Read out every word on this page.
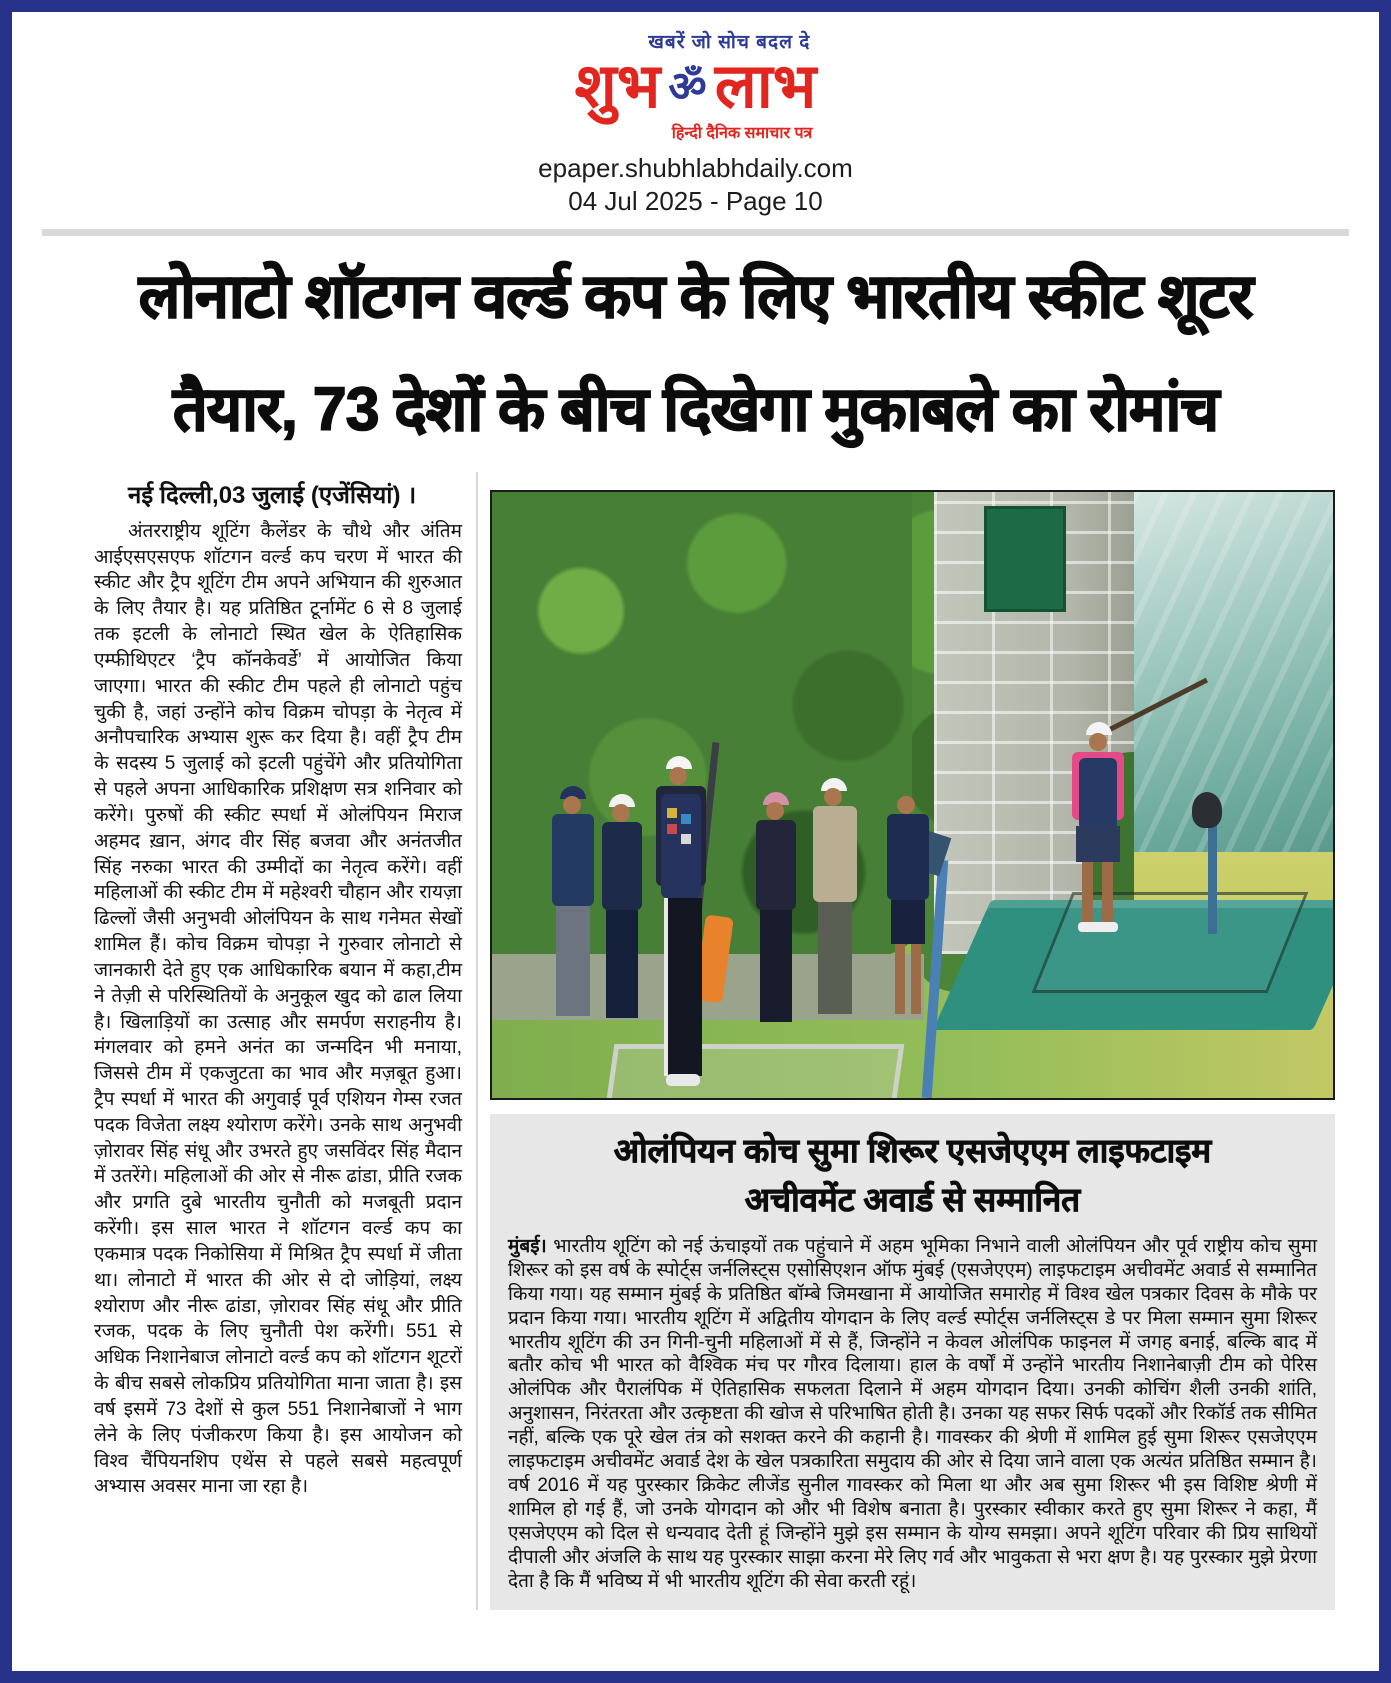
खबरें जो सोच बदल दे
शुभ ॐ लाभ
हिन्दी दैनिक समाचार पत्र
epaper.shubhlabhdaily.com
04 Jul 2025 - Page 10
लोनाटो शॉटगन वर्ल्ड कप के लिए भारतीय स्कीट शूटर
तैयार, 73 देशों के बीच दिखेगा मुकाबले का रोमांच
नई दिल्ली,03 जुलाई (एजेंसियां) ।
अंतरराष्ट्रीय शूटिंग कैलेंडर के चौथे और अंतिम आईएसएसएफ शॉटगन वर्ल्ड कप चरण में भारत की स्कीट और ट्रैप शूटिंग टीम अपने अभियान की शुरुआत के लिए तैयार है। यह प्रतिष्ठित टूर्नामेंट 6 से 8 जुलाई तक इटली के लोनाटो स्थित खेल के ऐतिहासिक एम्फीथिएटर ‘ट्रैप कॉनकेवर्डे’ में आयोजित किया जाएगा। भारत की स्कीट टीम पहले ही लोनाटो पहुंच चुकी है, जहां उन्होंने कोच विक्रम चोपड़ा के नेतृत्व में अनौपचारिक अभ्यास शुरू कर दिया है। वहीं ट्रैप टीम के सदस्य 5 जुलाई को इटली पहुंचेंगे और प्रतियोगिता से पहले अपना आधिकारिक प्रशिक्षण सत्र शनिवार को करेंगे। पुरुषों की स्कीट स्पर्धा में ओलंपियन मिराज अहमद ख़ान, अंगद वीर सिंह बजवा और अनंतजीत सिंह नरुका भारत की उम्मीदों का नेतृत्व करेंगे। वहीं महिलाओं की स्कीट टीम में महेश्वरी चौहान और रायज़ा ढिल्लों जैसी अनुभवी ओलंपियन के साथ गनेमत सेखों शामिल हैं। कोच विक्रम चोपड़ा ने गुरुवार लोनाटो से जानकारी देते हुए एक आधिकारिक बयान में कहा,टीम ने तेज़ी से परिस्थितियों के अनुकूल खुद को ढाल लिया है। खिलाड़ियों का उत्साह और समर्पण सराहनीय है। मंगलवार को हमने अनंत का जन्मदिन भी मनाया, जिससे टीम में एकजुटता का भाव और मज़बूत हुआ। ट्रैप स्पर्धा में भारत की अगुवाई पूर्व एशियन गेम्स रजत पदक विजेता लक्ष्य श्योराण करेंगे। उनके साथ अनुभवी ज़ोरावर सिंह संधू और उभरते हुए जसविंदर सिंह मैदान में उतरेंगे। महिलाओं की ओर से नीरू ढांडा, प्रीति रजक और प्रगति दुबे भारतीय चुनौती को मजबूती प्रदान करेंगी। इस साल भारत ने शॉटगन वर्ल्ड कप का एकमात्र पदक निकोसिया में मिश्रित ट्रैप स्पर्धा में जीता था। लोनाटो में भारत की ओर से दो जोड़ियां, लक्ष्य श्योराण और नीरू ढांडा, ज़ोरावर सिंह संधू और प्रीति रजक, पदक के लिए चुनौती पेश करेंगी। 551 से अधिक निशानेबाज लोनाटो वर्ल्ड कप को शॉटगन शूटरों के बीच सबसे लोकप्रिय प्रतियोगिता माना जाता है। इस वर्ष इसमें 73 देशों से कुल 551 निशानेबाजों ने भाग लेने के लिए पंजीकरण किया है। इस आयोजन को विश्व चैंपियनशिप एथेंस से पहले सबसे महत्वपूर्ण अभ्यास अवसर माना जा रहा है।
ओलंपियन कोच सुमा शिरूर एसजेएएम लाइफटाइम
अचीवमेंट अवार्ड से सम्मानित
मुंबई। भारतीय शूटिंग को नई ऊंचाइयों तक पहुंचाने में अहम भूमिका निभाने वाली ओलंपियन और पूर्व राष्ट्रीय कोच सुमा शिरूर को इस वर्ष के स्पोर्ट्स जर्नलिस्ट्स एसोसिएशन ऑफ मुंबई (एसजेएएम) लाइफटाइम अचीवमेंट अवार्ड से सम्मानित किया गया। यह सम्मान मुंबई के प्रतिष्ठित बॉम्बे जिमखाना में आयोजित समारोह में विश्व खेल पत्रकार दिवस के मौके पर प्रदान किया गया। भारतीय शूटिंग में अद्वितीय योगदान के लिए वर्ल्ड स्पोर्ट्स जर्नलिस्ट्स डे पर मिला सम्मान सुमा शिरूर भारतीय शूटिंग की उन गिनी-चुनी महिलाओं में से हैं, जिन्होंने न केवल ओलंपिक फाइनल में जगह बनाई, बल्कि बाद में बतौर कोच भी भारत को वैश्विक मंच पर गौरव दिलाया। हाल के वर्षों में उन्होंने भारतीय निशानेबाज़ी टीम को पेरिस ओलंपिक और पैरालंपिक में ऐतिहासिक सफलता दिलाने में अहम योगदान दिया। उनकी कोचिंग शैली उनकी शांति, अनुशासन, निरंतरता और उत्कृष्टता की खोज से परिभाषित होती है। उनका यह सफर सिर्फ पदकों और रिकॉर्ड तक सीमित नहीं, बल्कि एक पूरे खेल तंत्र को सशक्त करने की कहानी है। गावस्कर की श्रेणी में शामिल हुई सुमा शिरूर एसजेएएम लाइफटाइम अचीवमेंट अवार्ड देश के खेल पत्रकारिता समुदाय की ओर से दिया जाने वाला एक अत्यंत प्रतिष्ठित सम्मान है। वर्ष 2016 में यह पुरस्कार क्रिकेट लीजेंड सुनील गावस्कर को मिला था और अब सुमा शिरूर भी इस विशिष्ट श्रेणी में शामिल हो गई हैं, जो उनके योगदान को और भी विशेष बनाता है। पुरस्कार स्वीकार करते हुए सुमा शिरूर ने कहा, मैं एसजेएएम को दिल से धन्यवाद देती हूं जिन्होंने मुझे इस सम्मान के योग्य समझा। अपने शूटिंग परिवार की प्रिय साथियों दीपाली और अंजलि के साथ यह पुरस्कार साझा करना मेरे लिए गर्व और भावुकता से भरा क्षण है। यह पुरस्कार मुझे प्रेरणा देता है कि मैं भविष्य में भी भारतीय शूटिंग की सेवा करती रहूं।
